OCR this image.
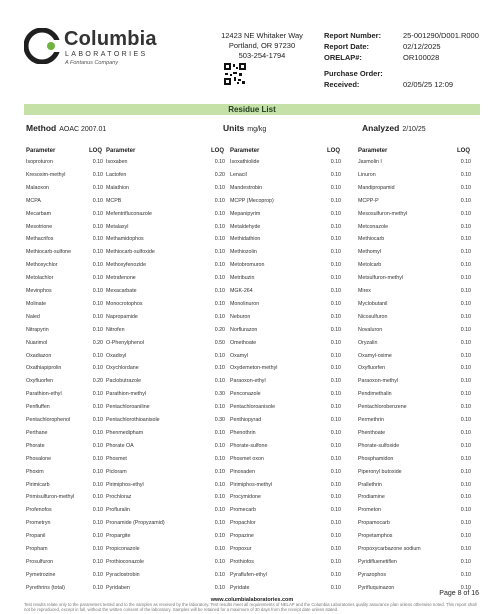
Columbia
LABORATORIES
A Fontanus Company
12423 NE Whitaker Way
Portland, OR 97230
503-254-1794
Report Number:	25-001290/D001.R000
Report Date:	02/12/2025
ORELAP#:	OR100028
Purchase Order:
Received:	02/05/25 12:09
Residue List
Method AOAC 2007.01	Units mg/kg	Analyzed 2/10/25
Parameter	LOQ
Isoproturon	0.10
Kresoxim-methyl	0.10
Malaoxon	0.10
MCPA	0.10
Mecarbam	0.10
Mesotrione	0.10
Methacrifos	0.10
Methiocarb-sulfone	0.10
Methoxychlor	0.10
Metolachlor	0.10
Mevinphos	0.10
Molinate	0.10
Naled	0.10
Nitrapyrin	0.10
Nuarimol	0.20
Oxadiazon	0.10
Oxathiapiprolin	0.10
Oxyfluorfen	0.20
Parathion-ethyl	0.10
Penfluffen	0.10
Pentachlorophenol	0.10
Perthane	0.10
Phorate	0.10
Phosalone	0.10
Phoxim	0.10
Pirimicarb	0.10
Primisulfuron-methyl	0.10
Profenofos	0.10
Prometryn	0.10
Propanil	0.10
Propham	0.10
Prosulfuron	0.10
Pymetrozine	0.10
Pyrethrins (total)	0.10
Parameter	LOQ
Isoxaben	0.10
Lactofen	0.20
Malathion	0.10
MCPB	0.10
Mefentrifluconazole	0.10
Metalaxyl	0.10
Methamidophos	0.10
Methiocarb-sulfoxide	0.10
Methoxyfenozide	0.10
Metrafenone	0.10
Mexacarbate	0.10
Monocrotophos	0.10
Napropamide	0.10
Nitrofen	0.20
O-Phenylphenol	0.50
Oxadixyl	0.10
Oxychlordane	0.10
Paclobutrazole	0.10
Parathion-methyl	0.30
Pentachloroaniline	0.10
Pentachlorothioanisole	0.30
Phenmedipham	0.10
Phorate OA	0.10
Phosmet	0.10
Picloram	0.10
Pirimiphos-ethyl	0.10
Prochloraz	0.10
Profluralin	0.10
Pronamide (Propyzamid)	0.10
Propargite	0.10
Propiconazole	0.10
Prothioconazole	0.10
Pyraclostrobin	0.10
Pyridaben	0.10
Parameter	LOQ
Isoxathiolide	0.10
Lenacil	0.10
Mandestrobin	0.10
MCPP (Mecoprop)	0.10
Mepanipyrim	0.10
Metaldehyde	0.10
Methidathion	0.10
Methiozolin	0.10
Metobromuron	0.10
Metribuzin	0.10
MGK-264	0.10
Monolinuron	0.10
Neburon	0.10
Norflurazon	0.10
Omethoate	0.10
Oxamyl	0.10
Oxydemeton-methyl	0.10
Paraoxon-ethyl	0.10
Penconazole	0.10
Pentachloroanisole	0.10
Penthiopyrad	0.10
Phenothrin	0.10
Phorate-sulfone	0.10
Phosmet oxon	0.10
Pinoxaden	0.10
Pirimiphos-methyl	0.10
Procymidone	0.10
Promecarb	0.10
Propachlor	0.10
Propazine	0.10
Propoxur	0.10
Prothiofos	0.10
Pyraflufen-ethyl	0.10
Pyridate	0.10
Parameter	LOQ
Jasmolin I	0.10
Linuron	0.10
Mandipropamid	0.10
MCPP-P	0.10
Mesosulfuron-methyl	0.10
Metconazole	0.10
Methiocarb	0.10
Methomyl	0.10
Metolcarb	0.10
Metsulfuron-methyl	0.10
Mirex	0.10
Myclobutanil	0.10
Nicosulfuron	0.10
Novaluron	0.10
Oryzalin	0.10
Oxamyl-oxime	0.10
Oxyfluorfen	0.10
Paraoxon-methyl	0.10
Pendimethalin	0.10
Pentachlorobenzene	0.10
Permethrin	0.10
Phenthoate	0.10
Phorate-sulfoxide	0.10
Phosphamidon	0.10
Piperonyl butoxide	0.10
Prallethrin	0.10
Prodiamine	0.10
Prometon	0.10
Propamocarb	0.10
Propetamphos	0.10
Propoxycarbazone sodium	0.10
Pyridifluenetiflen	0.10
Pyrazophos	0.10
Pyrifluquinazon	0.10
Page 8 of 16
www.columbialaboratories.com
Test results relate only to the parameters tested and to the samples as received by the laboratory. Test results meet all requirements of NELAP and the Columbia Laboratories quality assurance plan unless otherwise noted. This report shall not be reproduced, except in full, without the written consent of the laboratory. Samples will be retained for a maximum of 30 days from the receipt date unless stated.
